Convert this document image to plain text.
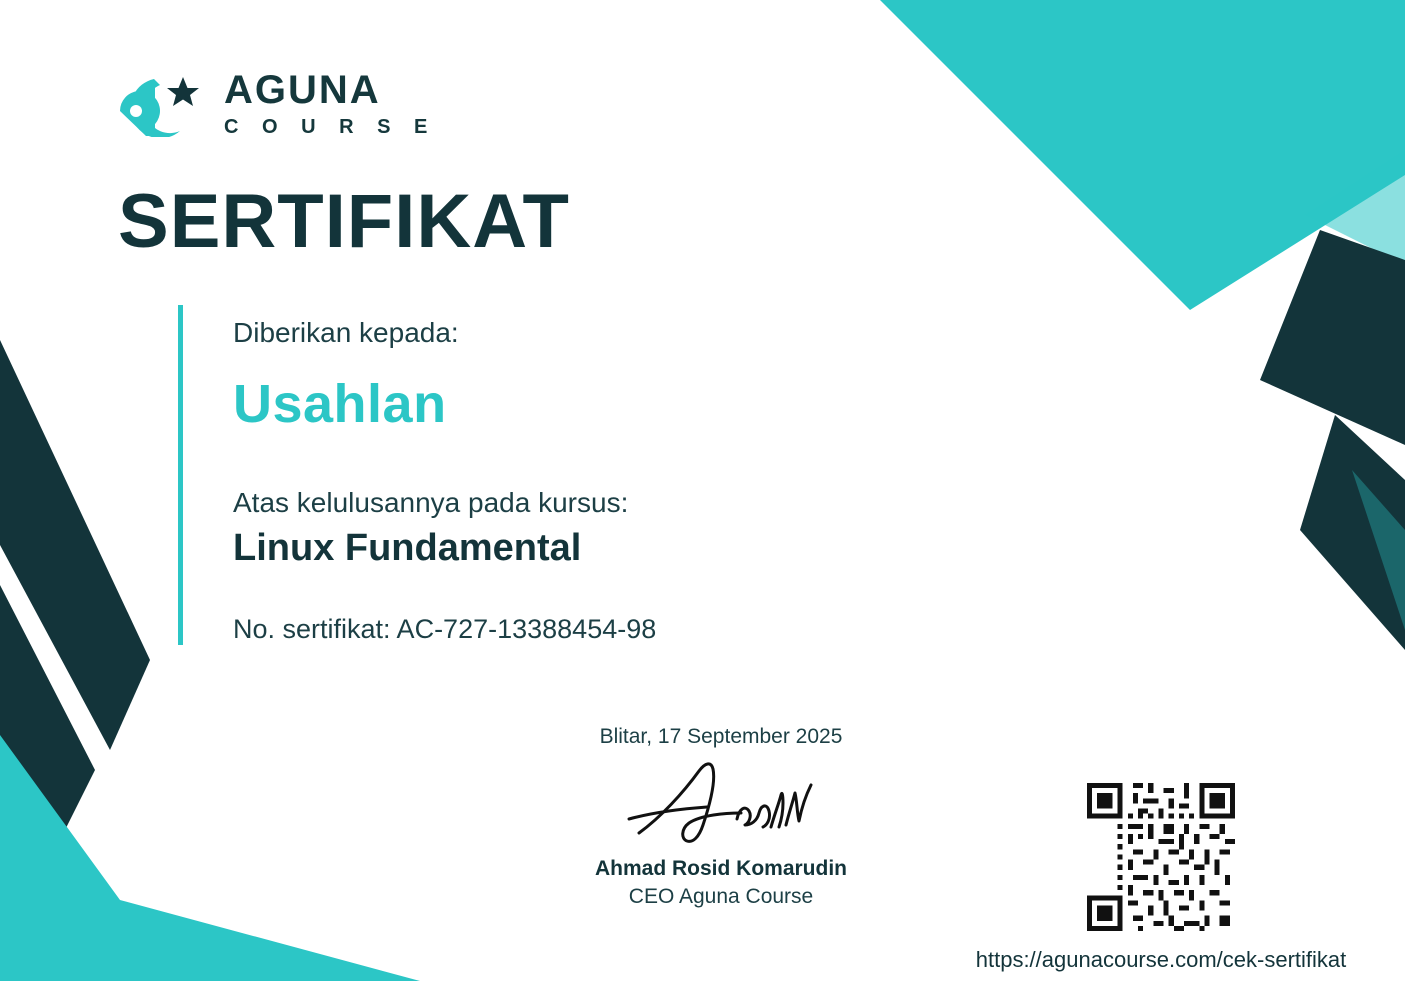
AGUNA
C O U R S E
SERTIFIKAT

Diberikan kepada:

Usahlan

Atas kelulusannya pada kursus:

Linux Fundamental

No. sertifikat: AC-727-13388454-98

Blitar, 17 September 2025
Ahmad Rosid Komarudin
CEO Aguna Course
https://agunacourse.com/cek-sertifikat
